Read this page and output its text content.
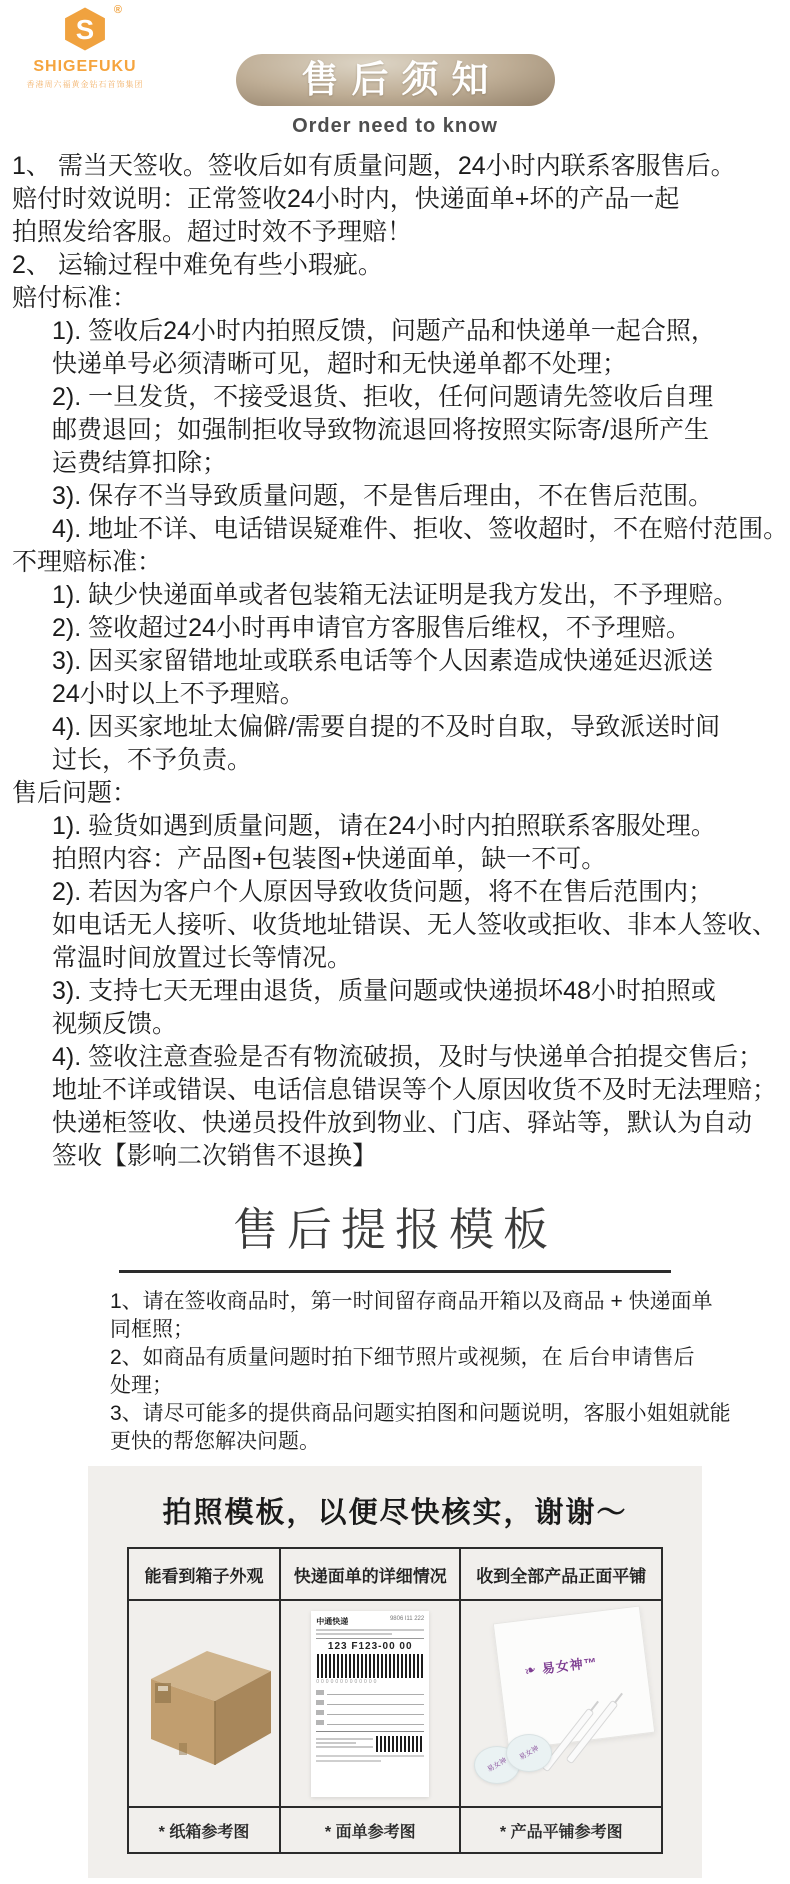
S
®
SHIGEFUKU
香港周六福黄金钻石首饰集团	售后须知
Order need to know
1、 需当天签收。签收后如有质量问题，24小时内联系客服售后。
赔付时效说明：正常签收24小时内，快递面单+坏的产品一起
拍照发给客服。超过时效不予理赔！
2、 运输过程中难免有些小瑕疵。
赔付标准：
1). 签收后24小时内拍照反馈，问题产品和快递单一起合照，
快递单号必须清晰可见，超时和无快递单都不处理；
2). 一旦发货，不接受退货、拒收，任何问题请先签收后自理
邮费退回；如强制拒收导致物流退回将按照实际寄/退所产生
运费结算扣除；
3). 保存不当导致质量问题，不是售后理由，不在售后范围。
4). 地址不详、电话错误疑难件、拒收、签收超时，不在赔付范围。
不理赔标准：
1). 缺少快递面单或者包装箱无法证明是我方发出，不予理赔。
2). 签收超过24小时再申请官方客服售后维权，不予理赔。
3). 因买家留错地址或联系电话等个人因素造成快递延迟派送
24小时以上不予理赔。
4). 因买家地址太偏僻/需要自提的不及时自取，导致派送时间
过长，不予负责。
售后问题：
1). 验货如遇到质量问题，请在24小时内拍照联系客服处理。
拍照内容：产品图+包装图+快递面单，缺一不可。
2). 若因为客户个人原因导致收货问题，将不在售后范围内；
如电话无人接听、收货地址错误、无人签收或拒收、非本人签收、
常温时间放置过长等情况。
3). 支持七天无理由退货，质量问题或快递损坏48小时拍照或
视频反馈。
4). 签收注意查验是否有物流破损，及时与快递单合拍提交售后；
地址不详或错误、电话信息错误等个人原因收货不及时无法理赔；
快递柜签收、快递员投件放到物业、门店、驿站等，默认为自动
签收【影响二次销售不退换】
售后提报模板
1、请在签收商品时，第一时间留存商品开箱以及商品 + 快递面单
同框照；
2、如商品有质量问题时拍下细节照片或视频，在 后台申请售后
处理；
3、请尽可能多的提供商品问题实拍图和问题说明，客服小姐姐就能
更快的帮您解决问题。
拍照模板，以便尽快核实，谢谢～
能看到箱子外观	快递面单的详细情况	收到全部产品正面平铺

中通快递	9806 l11 222
123 F123-00 00
0000000000000

❧ 易女神™
易女神
易女神

* 纸箱参考图	* 面单参考图	* 产品平铺参考图
